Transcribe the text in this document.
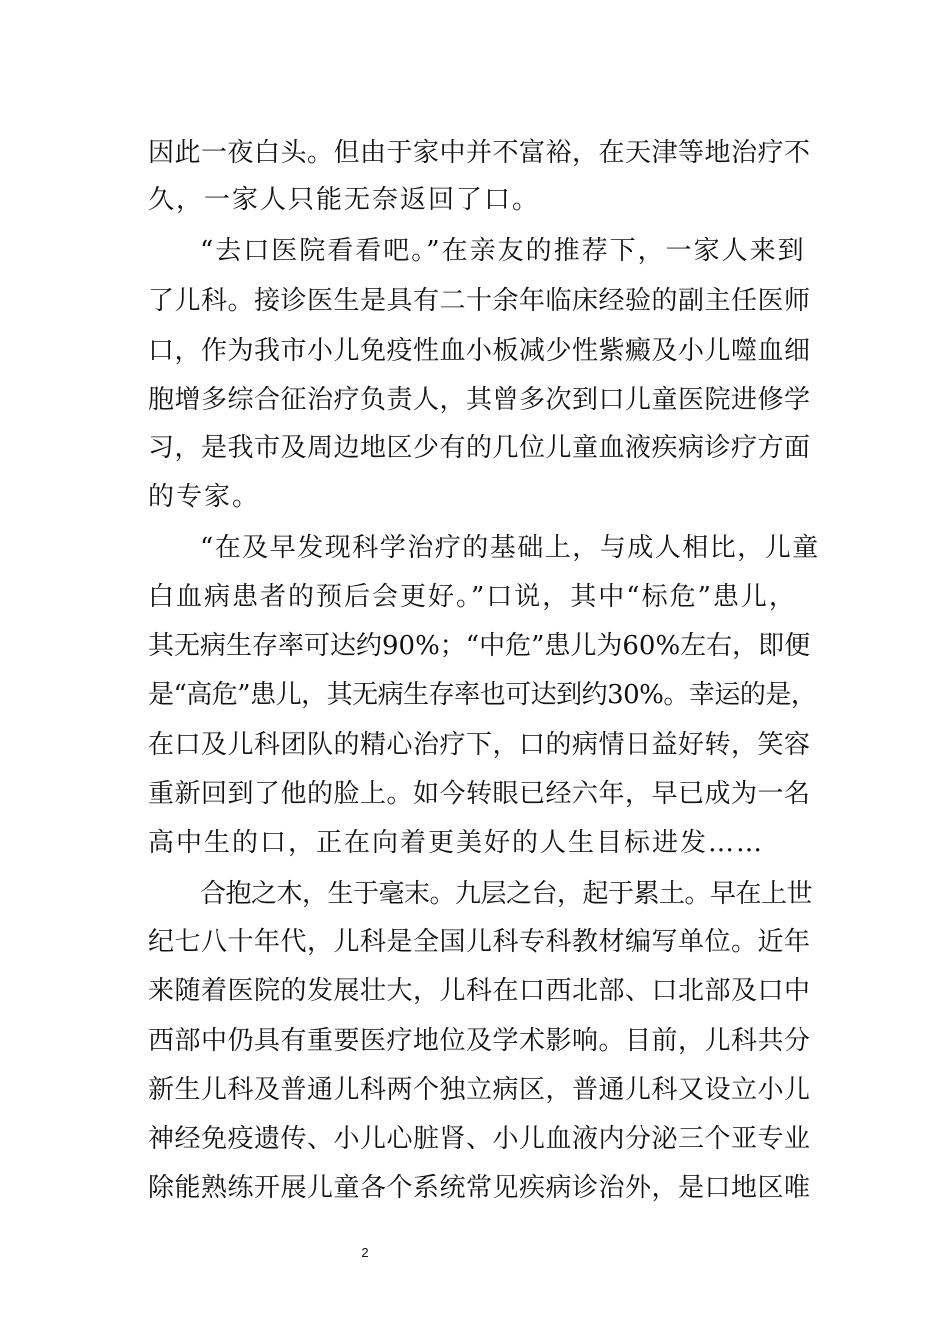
因此一夜白头。但由于家中并不富裕，在天津等地治疗不
久，一家人只能无奈返回了口。
“去口医院看看吧。”在亲友的推荐下，一家人来到
了儿科。接诊医生是具有二十余年临床经验的副主任医师
口，作为我市小儿免疫性血小板减少性紫癜及小儿噬血细
胞增多综合征治疗负责人，其曾多次到口儿童医院进修学
习，是我市及周边地区少有的几位儿童血液疾病诊疗方面
的专家。
“在及早发现科学治疗的基础上，与成人相比，儿童
白血病患者的预后会更好。”口说，其中“标危”患儿，
其无病生存率可达约90%；“中危”患儿为60%左右，即便
是“高危”患儿，其无病生存率也可达到约30%。幸运的是，
在口及儿科团队的精心治疗下，口的病情日益好转，笑容
重新回到了他的脸上。如今转眼已经六年，早已成为一名
高中生的口，正在向着更美好的人生目标进发……
合抱之木，生于毫末。九层之台，起于累土。早在上世
纪七八十年代，儿科是全国儿科专科教材编写单位。近年
来随着医院的发展壮大，儿科在口西北部、口北部及口中
西部中仍具有重要医疗地位及学术影响。目前，儿科共分
新生儿科及普通儿科两个独立病区，普通儿科又设立小儿
神经免疫遗传、小儿心脏肾、小儿血液内分泌三个亚专业
除能熟练开展儿童各个系统常见疾病诊治外，是口地区唯
2
